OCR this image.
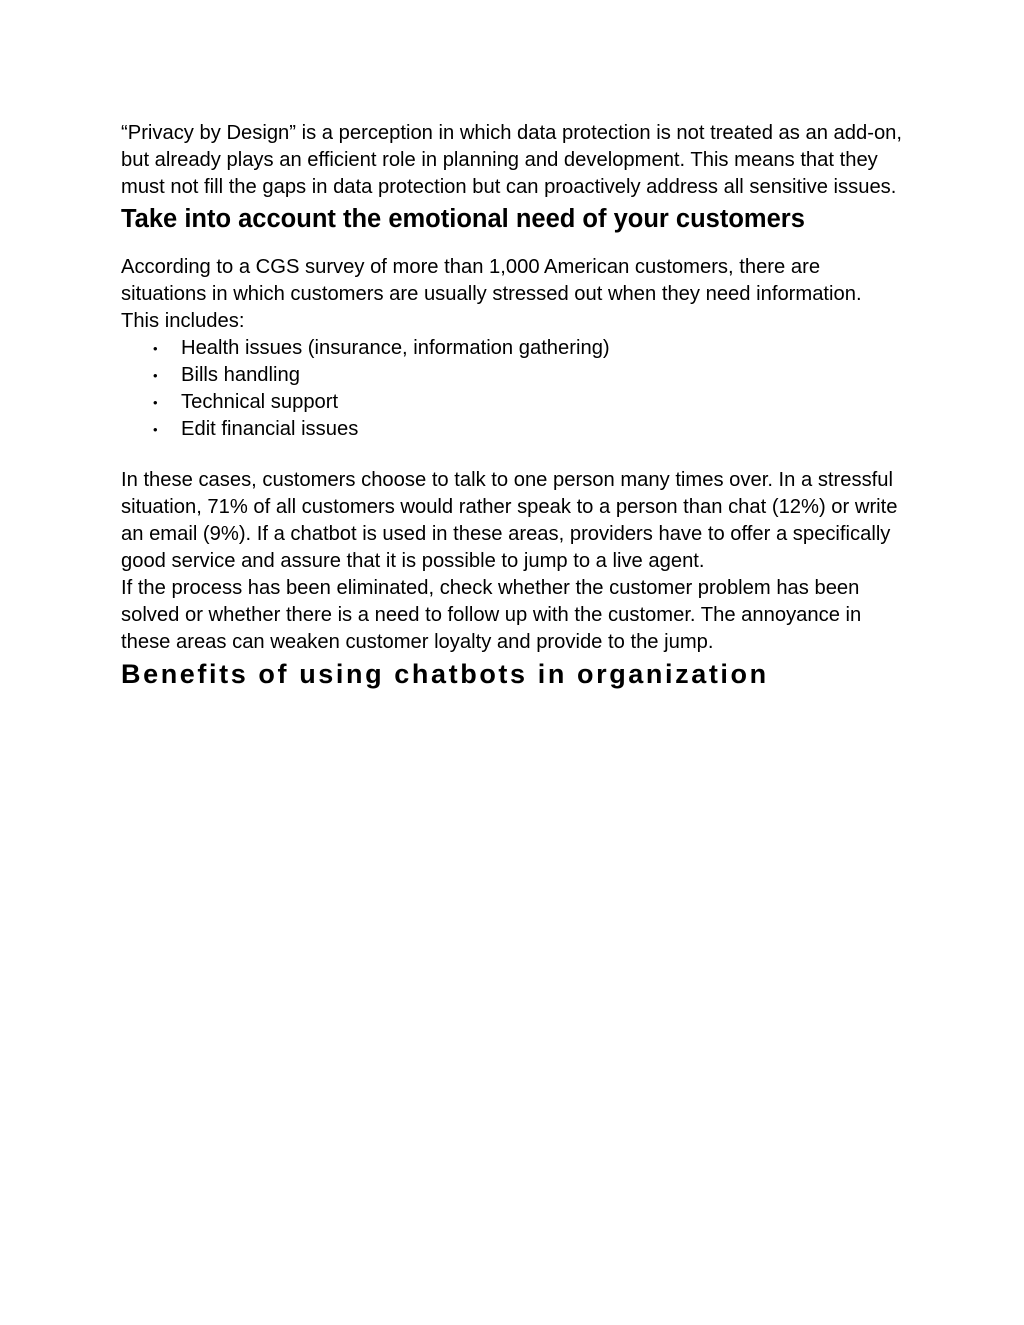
“Privacy by Design” is a perception in which data protection is not treated as an add-on, but already plays an efficient role in planning and development. This means that they must not fill the gaps in data protection but can proactively address all sensitive issues.

Take into account the emotional need of your customers

According to a CGS survey of more than 1,000 American customers, there are situations in which customers are usually stressed out when they need information. This includes:

• Health issues (insurance, information gathering)
• Bills handling
• Technical support
• Edit financial issues

In these cases, customers choose to talk to one person many times over. In a stressful situation, 71% of all customers would rather speak to a person than chat (12%) or write an email (9%). If a chatbot is used in these areas, providers have to offer a specifically good service and assure that it is possible to jump to a live agent.

If the process has been eliminated, check whether the customer problem has been solved or whether there is a need to follow up with the customer. The annoyance in these areas can weaken customer loyalty and provide to the jump.

Benefits of using chatbots in organization
